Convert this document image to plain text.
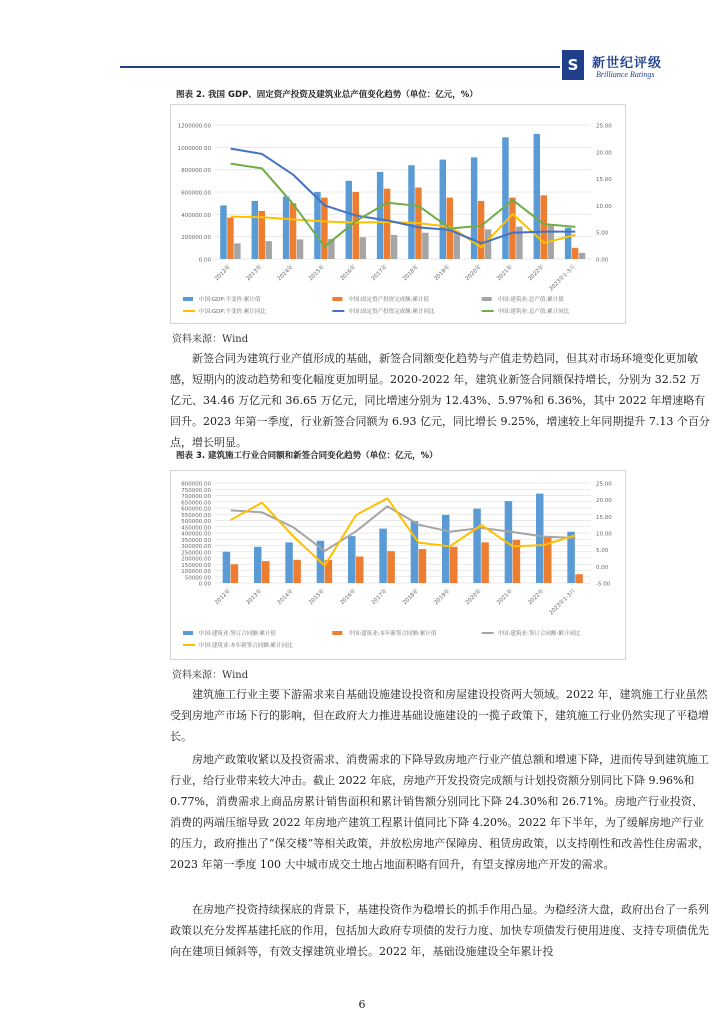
S	新世纪评级
Brilliance Ratings
图表 2. 我国 GDP、固定资产投资及建筑业总产值变化趋势（单位：亿元，%）
0.00
200000.00
400000.00
600000.00
800000.00
1000000.00
1200000.00
0.00
5.00
10.00
15.00
20.00
25.00
2012年 2013年 2014年 2015年 2016年 2017年 2018年 2019年 2020年 2021年 2022年 2023年1-3月
中国:GDP:不变价:累计值	中国:固定资产投资完成额:累计值	中国:建筑业:总产值:累计值
中国:GDP:不变价:累计同比	中国:固定资产投资完成额:累计同比	中国:建筑业:总产值:累计同比
资料来源：Wind

新签合同为建筑行业产值形成的基础，新签合同额变化趋势与产值走势趋同，但其对市场环境变化更加敏感，短期内的波动趋势和变化幅度更加明显。2020-2022 年，建筑业新签合同额保持增长，分别为 32.52 万亿元、34.46 万亿元和 36.65 万亿元，同比增速分别为 12.43%、5.97%和 6.36%，其中 2022 年增速略有回升。2023 年第一季度，行业新签合同额为 6.93 亿元，同比增长 9.25%，增速较上年同期提升 7.13 个百分点，增长明显。

图表 3. 建筑施工行业合同额和新签合同变化趋势（单位：亿元，%）
0.00
50000.00
100000.00
150000.00
200000.00
250000.00
300000.00
350000.00
400000.00
450000.00
500000.00
550000.00
600000.00
650000.00
700000.00
750000.00
800000.00
-5.00
0.00
5.00
10.00
15.00
20.00
25.00
2012年 2013年 2014年 2015年 2016年 2017年 2018年 2019年 2020年 2021年 2022年 2023年1-3月
中国:建筑业:签订合同额:累计值	中国:建筑业:本年新签合同额:累计值	中国:建筑业:签订合同额:累计同比
中国:建筑业:本年新签合同额:累计同比
资料来源：Wind

建筑施工行业主要下游需求来自基础设施建设投资和房屋建设投资两大领域。2022 年，建筑施工行业虽然受到房地产市场下行的影响，但在政府大力推进基础设施建设的一揽子政策下，建筑施工行业仍然实现了平稳增长。

房地产政策收紧以及投资需求、消费需求的下降导致房地产行业产值总额和增速下降，进而传导到建筑施工行业，给行业带来较大冲击。截止 2022 年底，房地产开发投资完成额与计划投资额分别同比下降 9.96%和 0.77%，消费需求上商品房累计销售面积和累计销售额分别同比下降 24.30%和 26.71%。房地产行业投资、消费的两端压缩导致 2022 年房地产建筑工程累计值同比下降 4.20%。2022 年下半年，为了缓解房地产行业的压力，政府推出了“保交楼”等相关政策，并放松房地产保障房、租赁房政策，以支持刚性和改善性住房需求，2023 年第一季度 100 大中城市成交土地占地面积略有回升，有望支撑房地产开发的需求。

在房地产投资持续探底的背景下，基建投资作为稳增长的抓手作用凸显。为稳经济大盘，政府出台了一系列政策以充分发挥基建托底的作用，包括加大政府专项债的发行力度、加快专项债发行使用进度、支持专项债优先向在建项目倾斜等，有效支撑建筑业增长。2022 年，基础设施建设全年累计投

6
